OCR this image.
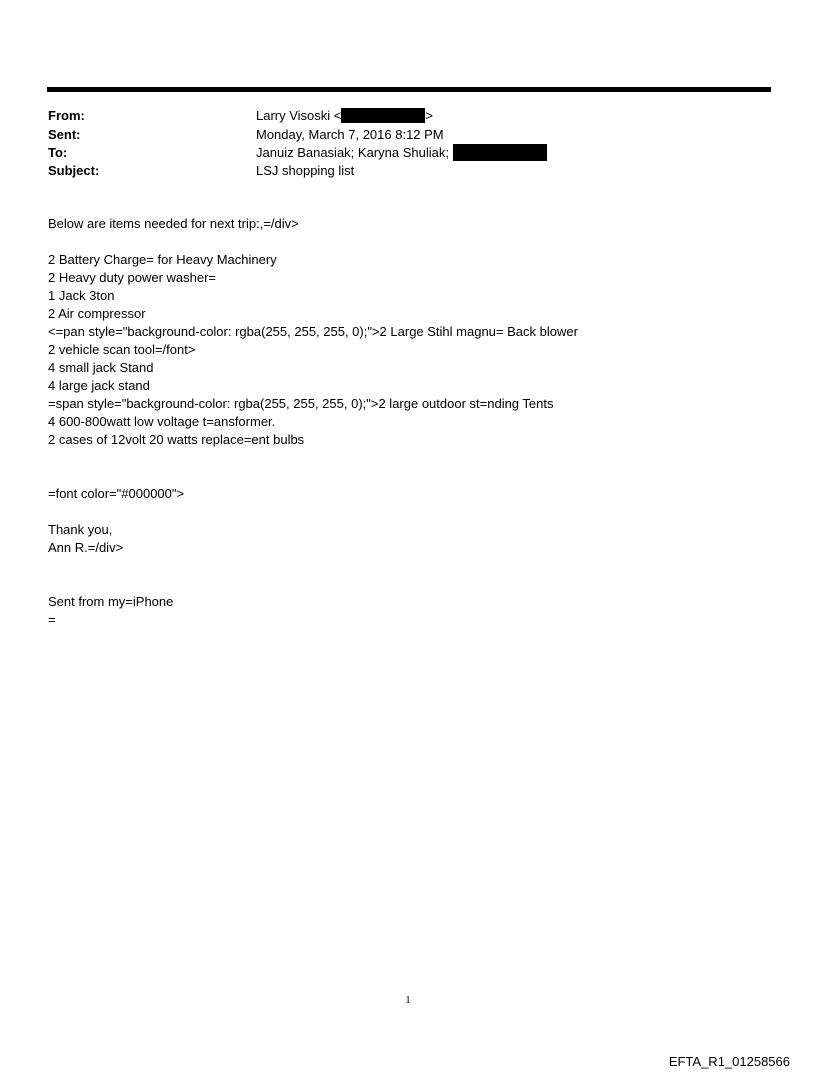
From:	Larry Visoski <	>
Sent:	Monday, March 7, 2016 8:12 PM
To:	Januiz Banasiak; Karyna Shuliak;
Subject:	LSJ shopping list
Below are items needed for next trip:,=/div>
2 Battery Charge= for Heavy Machinery
2 Heavy duty power washer=
1 Jack 3ton
2 Air compressor
<=pan style="background-color: rgba(255, 255, 255, 0);">2 Large Stihl magnu= Back blower
2 vehicle scan tool=/font>
4 small jack Stand
4 large jack stand
=span style="background-color: rgba(255, 255, 255, 0);">2 large outdoor st=nding Tents
4 600-800watt low voltage t=ansformer.
2 cases of 12volt 20 watts replace=ent bulbs
=font color="#000000">
Thank you,
Ann R.=/div>
Sent from my=iPhone
=
1
EFTA_R1_01258566
